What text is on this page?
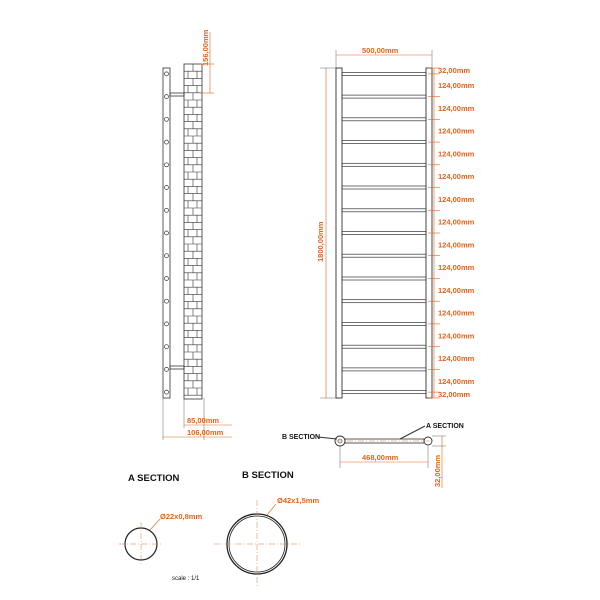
156,00mm
85,00mm
106,00mm
500,00mm
1800,00mm
32,00mm
124,00mm
124,00mm
124,00mm
124,00mm
124,00mm
124,00mm
124,00mm
124,00mm
124,00mm
124,00mm
124,00mm
124,00mm
124,00mm
124,00mm
32,00mm
B SECTION
A SECTION
468,00mm	32,00mm
A SECTION
Ø22x0,8mm
B SECTION
Ø42x1,5mm
scale : 1/1
